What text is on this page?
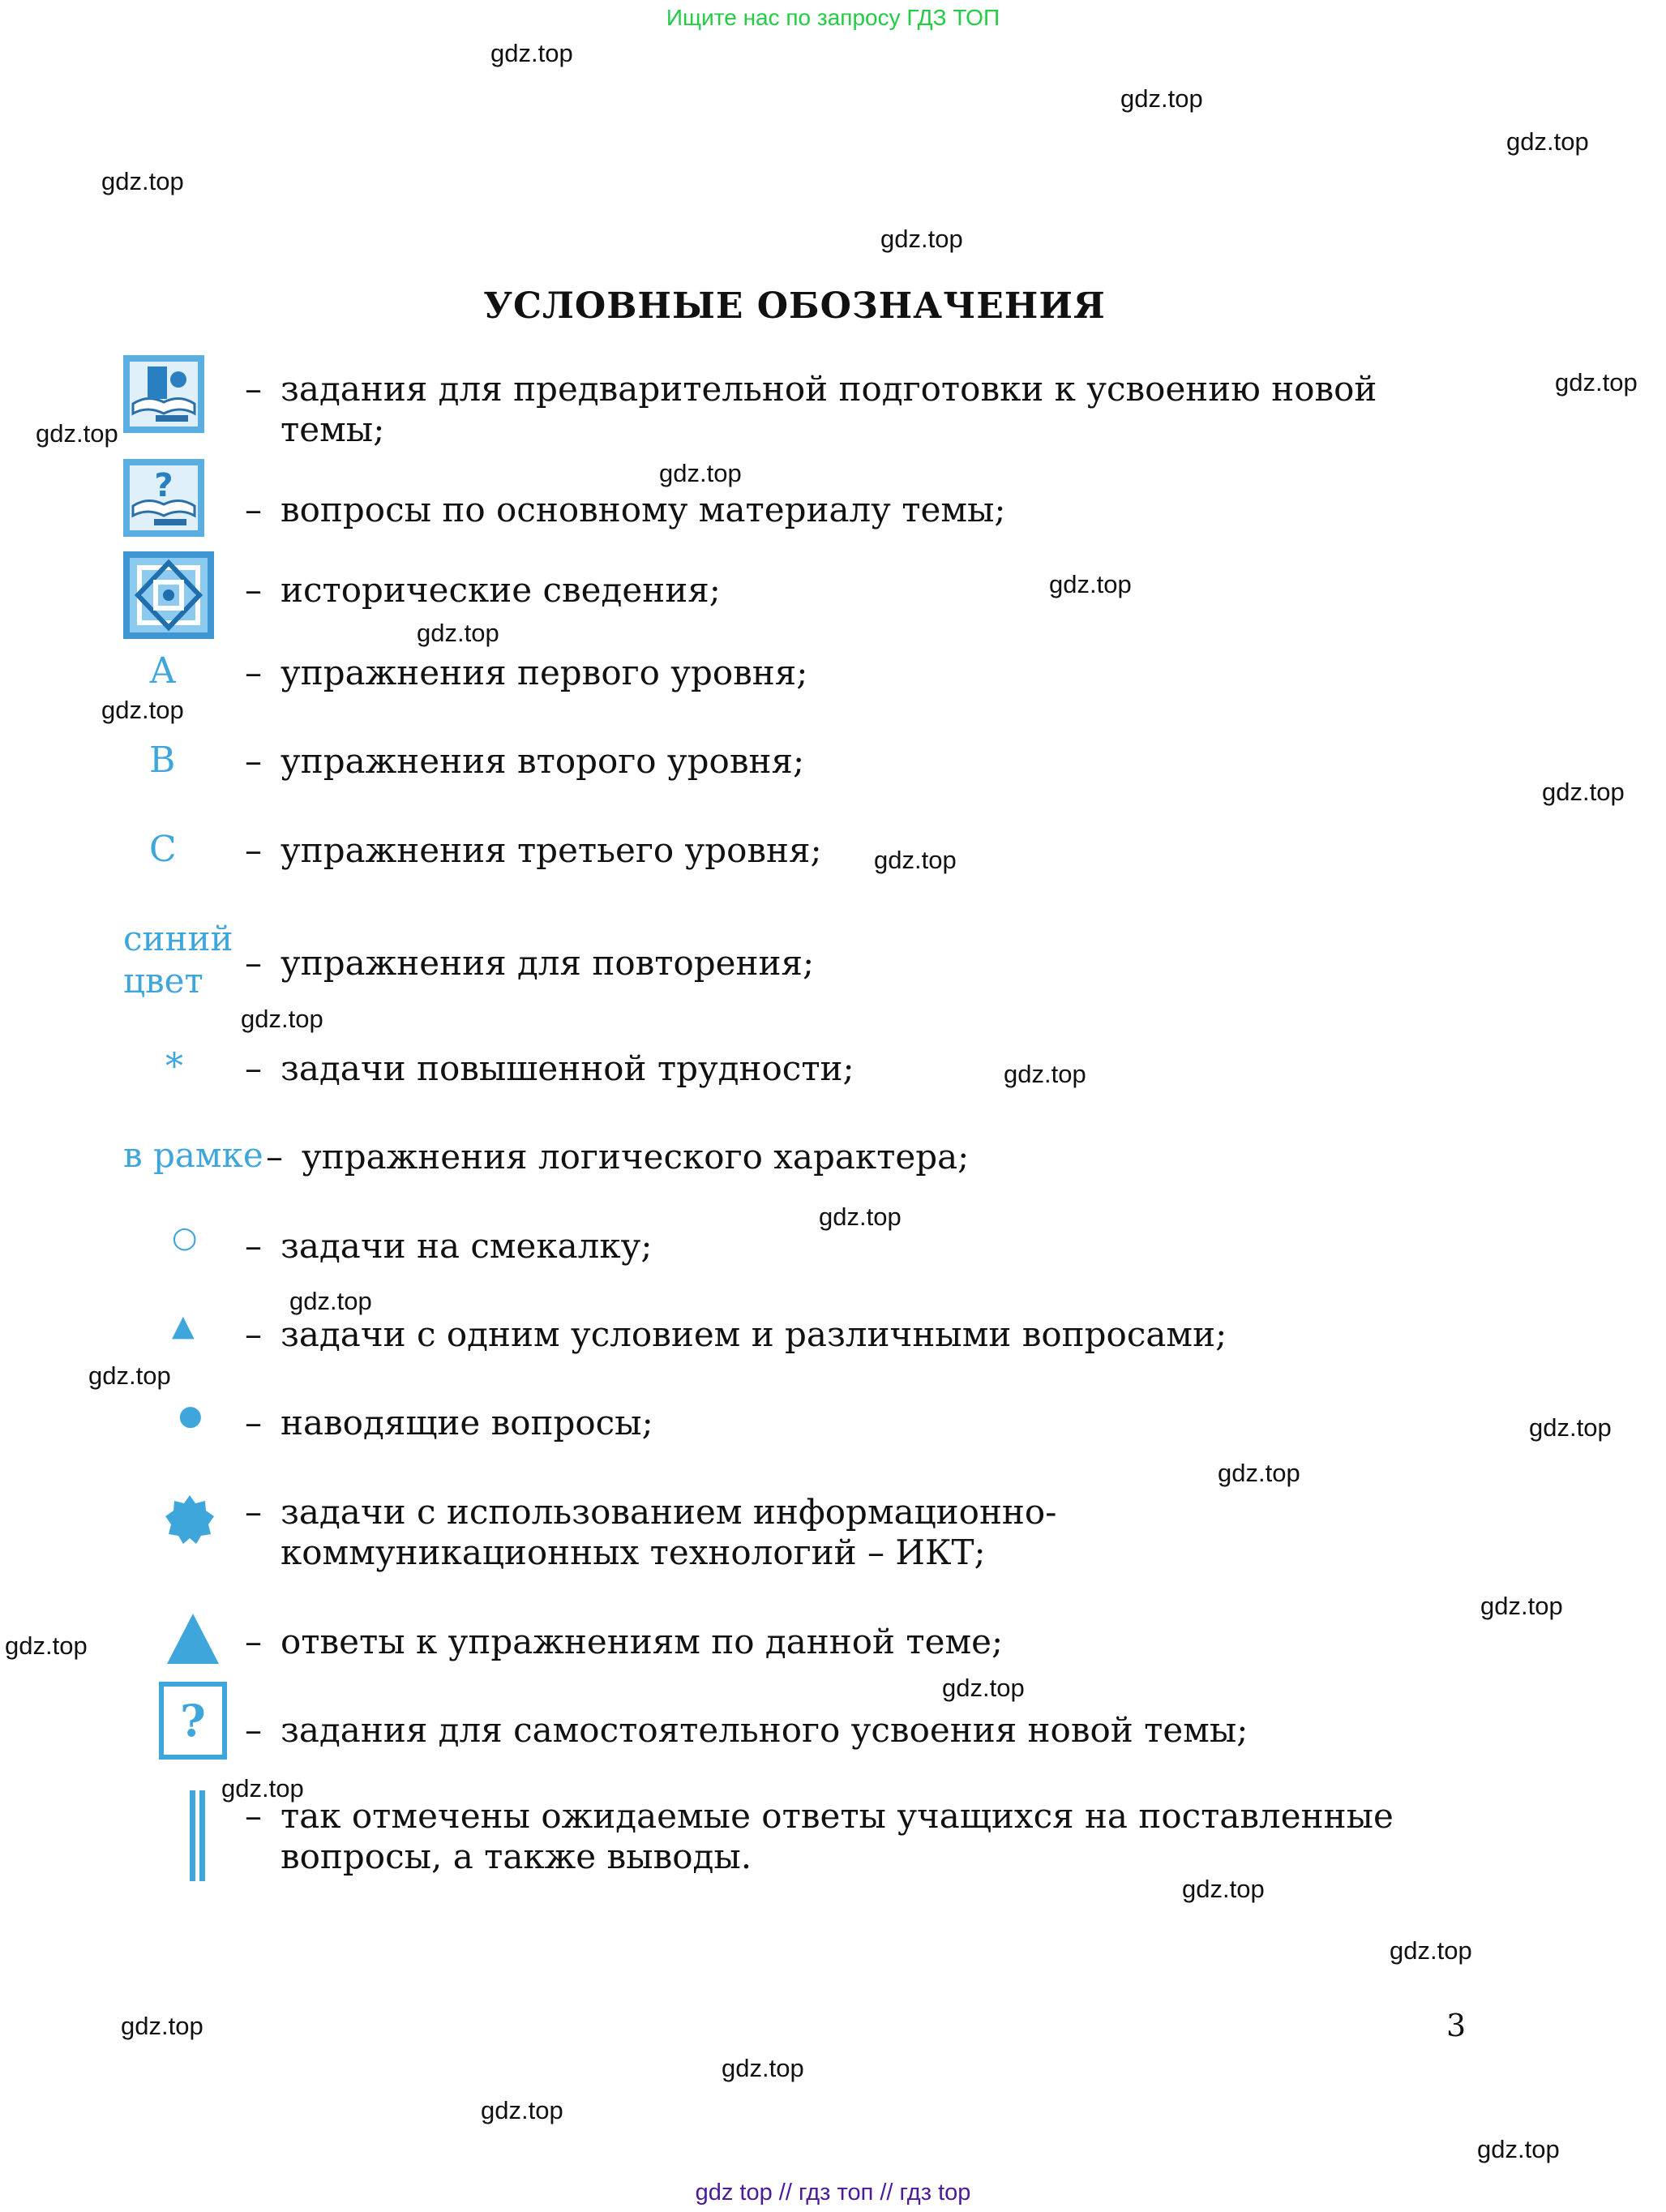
Ищите нас по запросу ГДЗ ТОП
gdz.top
gdz.top
gdz.top
gdz.top
gdz.top
gdz.top
gdz.top
gdz.top
gdz.top
gdz.top
gdz.top
gdz.top
gdz.top
gdz.top
gdz.top
gdz.top
gdz.top
gdz.top
gdz.top
gdz.top
gdz.top
gdz.top
gdz.top
gdz.top
gdz.top
gdz.top
gdz.top
gdz.top
gdz.top
gdz.top
УСЛОВНЫЕ ОБОЗНАЧЕНИЯ
– задания для предварительной подготовки к усвоению новой
темы;
?
– вопросы по основному материалу темы;
– исторические сведения;
А – упражнения первого уровня;
В – упражнения второго уровня;
С – упражнения третьего уровня;
синий
цвет	– упражнения для повторения;
* – задачи повышенной трудности;
в рамке – упражнения логического характера;
○ – задачи на смекалку;
▲ – задачи с одним условием и различными вопросами;
● – наводящие вопросы;
– задачи с использованием информационно-
коммуникационных технологий – ИКТ;
– ответы к упражнениям по данной теме;
?	– задания для самостоятельного усвоения новой темы;
– так отмечены ожидаемые ответы учащихся на поставленные
вопросы, а также выводы.
3
gdz top // гдз топ // гдз top
